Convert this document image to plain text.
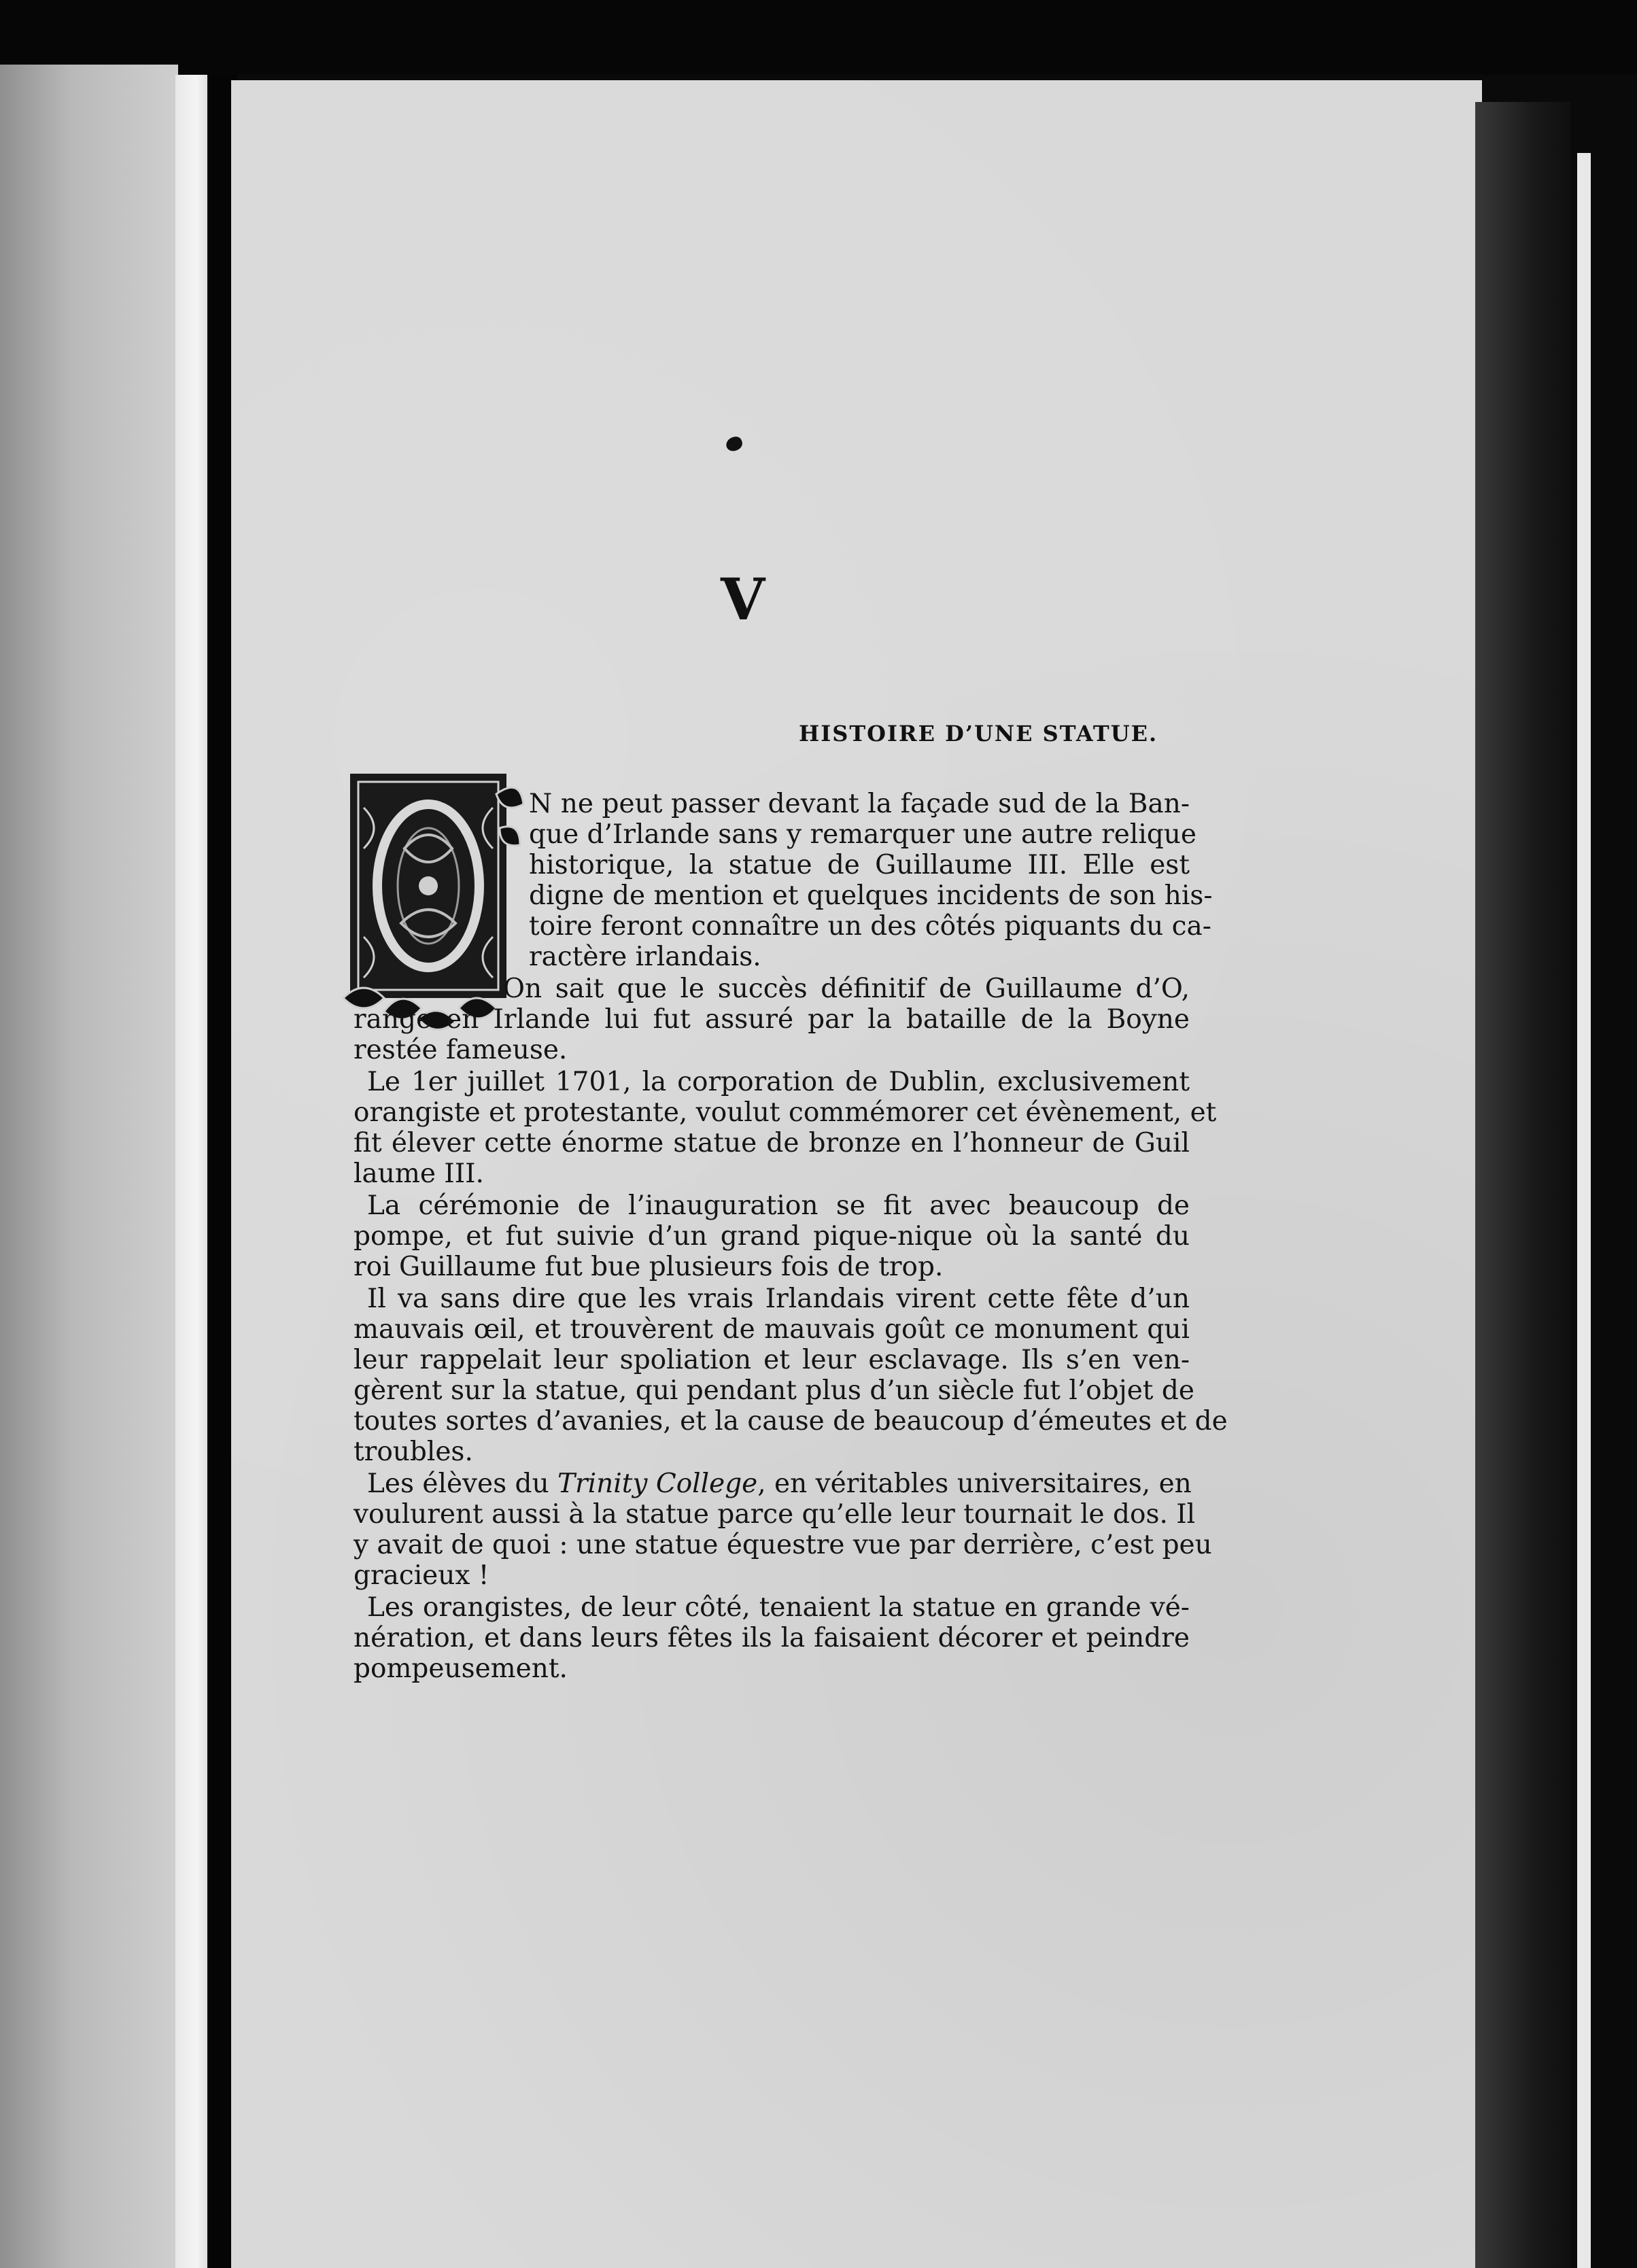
V
HISTOIRE D’UNE STATUE.
N ne peut passer devant la façade sud de la Ban-
que d’Irlande sans y remarquer une autre relique
historique, la statue de Guillaume III. Elle est
digne de mention et quelques incidents de son his-
toire feront connaître un des côtés piquants du ca-
ractère irlandais.
On sait que le succès définitif de Guillaume d’O,
range en Irlande lui fut assuré par la bataille de la Boyne
restée fameuse.
Le 1er juillet 1701, la corporation de Dublin, exclusivement
orangiste et protestante, voulut commémorer cet évènement, et
fit élever cette énorme statue de bronze en l’honneur de Guil
laume III.
La cérémonie de l’inauguration se fit avec beaucoup de
pompe, et fut suivie d’un grand pique-nique où la santé du
roi Guillaume fut bue plusieurs fois de trop.
Il va sans dire que les vrais Irlandais virent cette fête d’un
mauvais œil, et trouvèrent de mauvais goût ce monument qui
leur rappelait leur spoliation et leur esclavage. Ils s’en ven-
gèrent sur la statue, qui pendant plus d’un siècle fut l’objet de
toutes sortes d’avanies, et la cause de beaucoup d’émeutes et de
troubles.
Les élèves du Trinity College, en véritables universitaires, en
voulurent aussi à la statue parce qu’elle leur tournait le dos. Il
y avait de quoi : une statue équestre vue par derrière, c’est peu
gracieux !
Les orangistes, de leur côté, tenaient la statue en grande vé-
nération, et dans leurs fêtes ils la faisaient décorer et peindre
pompeusement.
